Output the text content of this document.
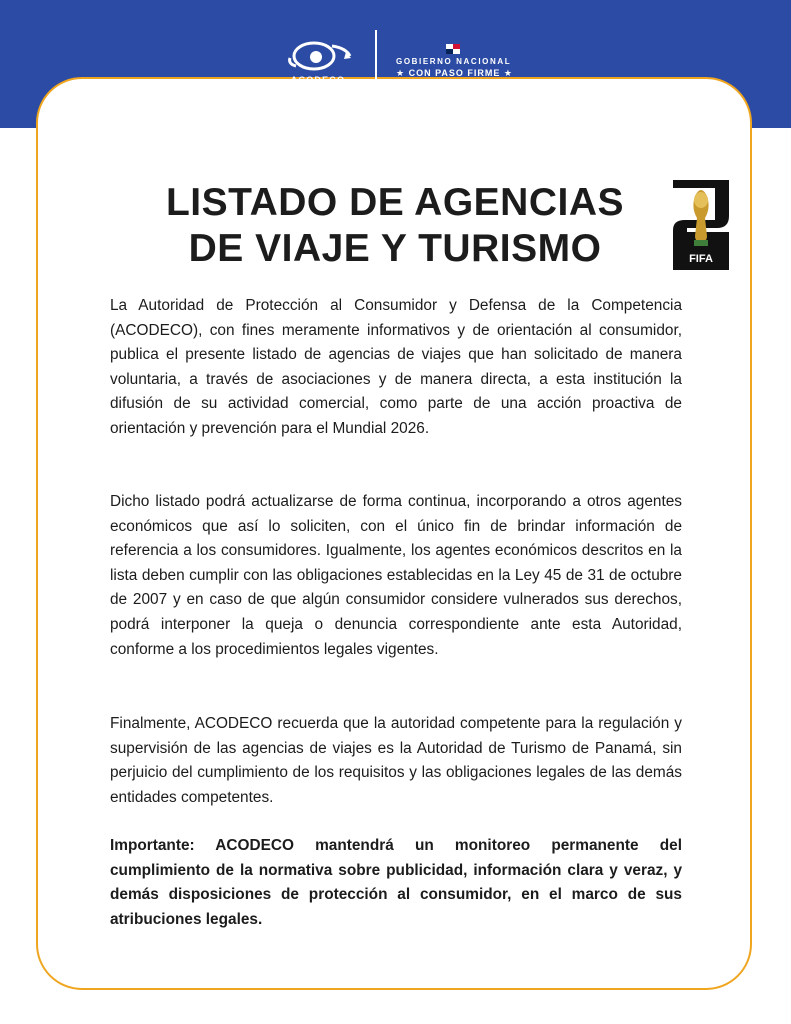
ACODECO
GOBIERNO NACIONAL
★ CON PASO FIRME ★
LISTADO DE AGENCIAS
DE VIAJE Y TURISMO	FIFA

La Autoridad de Protección al Consumidor y Defensa de la Competencia (ACODECO), con fines meramente informativos y de orientación al consumidor, publica el presente listado de agencias de viajes que han solicitado de manera voluntaria, a través de asociaciones y de manera directa, a esta institución la difusión de su actividad comercial, como parte de una acción proactiva de orientación y prevención para el Mundial 2026.

Dicho listado podrá actualizarse de forma continua, incorporando a otros agentes económicos que así lo soliciten, con el único fin de brindar información de referencia a los consumidores. Igualmente, los agentes económicos descritos en la lista deben cumplir con las obligaciones establecidas en la Ley 45 de 31 de octubre de 2007 y en caso de que algún consumidor considere vulnerados sus derechos, podrá interponer la queja o denuncia correspondiente ante esta Autoridad, conforme a los procedimientos legales vigentes.

Finalmente, ACODECO recuerda que la autoridad competente para la regulación y supervisión de las agencias de viajes es la Autoridad de Turismo de Panamá, sin perjuicio del cumplimiento de los requisitos y las obligaciones legales de las demás entidades competentes.

Importante: ACODECO mantendrá un monitoreo permanente del cumplimiento de la normativa sobre publicidad, información clara y veraz, y demás disposiciones de protección al consumidor, en el marco de sus atribuciones legales.
